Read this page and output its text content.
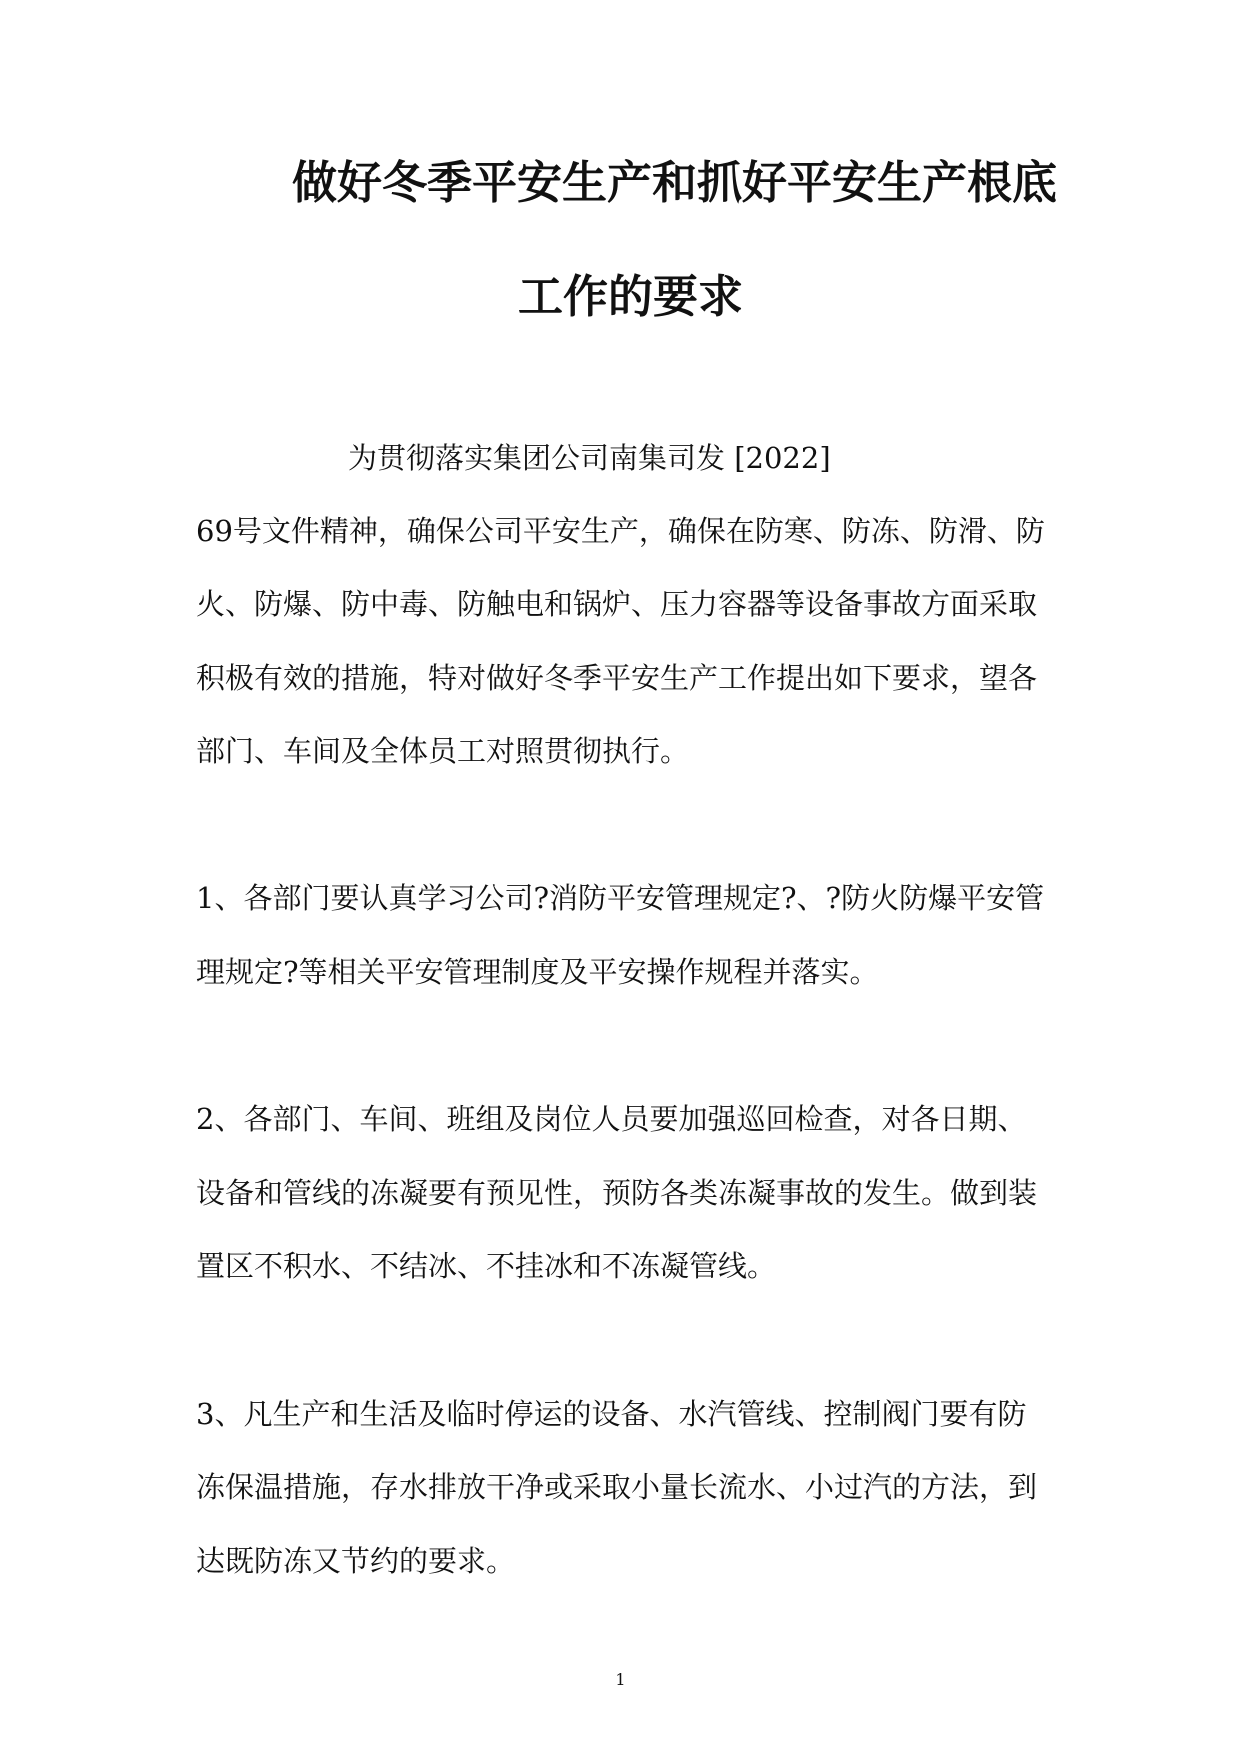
做好冬季平安生产和抓好平安生产根底
工作的要求
为贯彻落实集团公司南集司发 [2022]
69号文件精神，确保公司平安生产，确保在防寒、防冻、防滑、防
火、防爆、防中毒、防触电和锅炉、压力容器等设备事故方面采取
积极有效的措施，特对做好冬季平安生产工作提出如下要求，望各
部门、车间及全体员工对照贯彻执行。
1、各部门要认真学习公司?消防平安管理规定?、?防火防爆平安管
理规定?等相关平安管理制度及平安操作规程并落实。
2、各部门、车间、班组及岗位人员要加强巡回检查，对各日期、
设备和管线的冻凝要有预见性，预防各类冻凝事故的发生。做到装
置区不积水、不结冰、不挂冰和不冻凝管线。
3、凡生产和生活及临时停运的设备、水汽管线、控制阀门要有防
冻保温措施，存水排放干净或采取小量长流水、小过汽的方法，到
达既防冻又节约的要求。
1
